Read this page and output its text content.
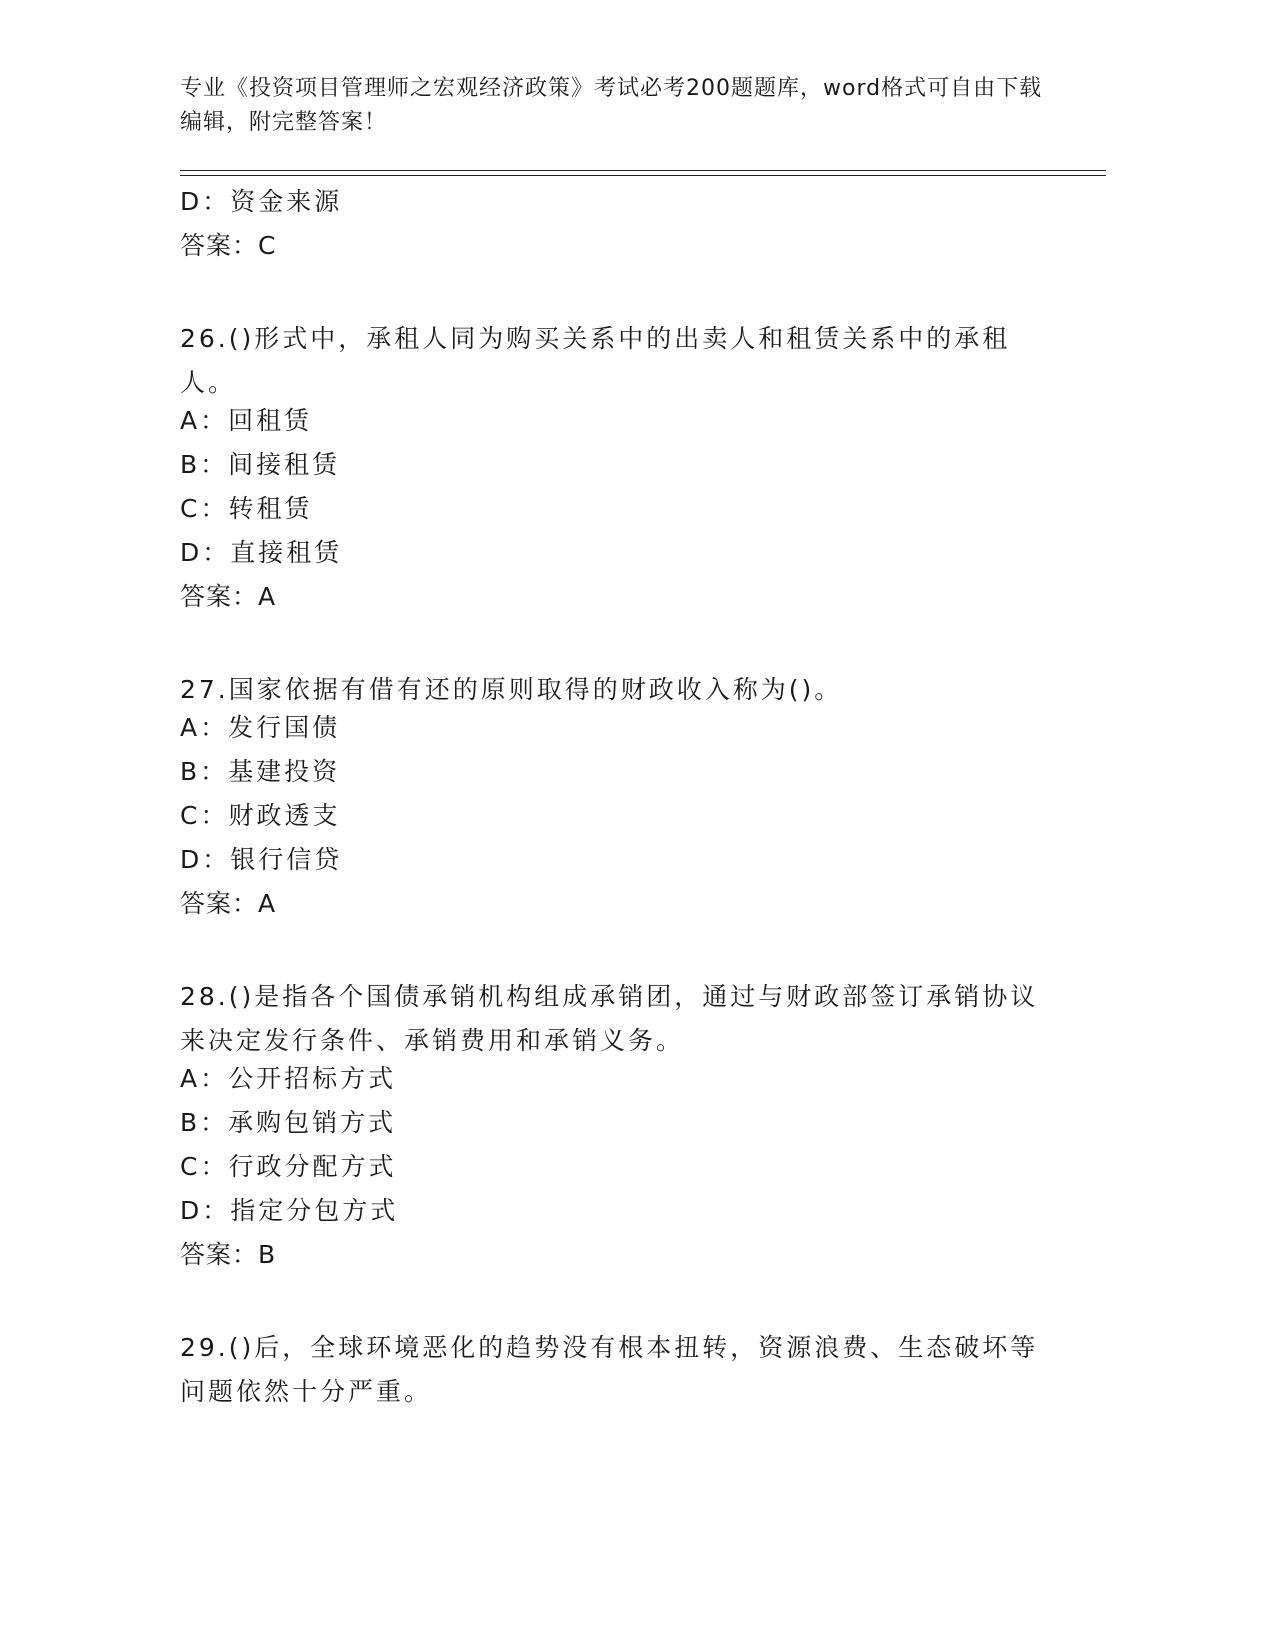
专业《投资项目管理师之宏观经济政策》考试必考200题题库，word格式可自由下载编辑，附完整答案！
D：资金来源
答案：C
26.()形式中，承租人同为购买关系中的出卖人和租赁关系中的承租人。
A：回租赁
B：间接租赁
C：转租赁
D：直接租赁
答案：A
27.国家依据有借有还的原则取得的财政收入称为()。
A：发行国债
B：基建投资
C：财政透支
D：银行信贷
答案：A
28.()是指各个国债承销机构组成承销团，通过与财政部签订承销协议来决定发行条件、承销费用和承销义务。
A：公开招标方式
B：承购包销方式
C：行政分配方式
D：指定分包方式
答案：B
29.()后，全球环境恶化的趋势没有根本扭转，资源浪费、生态破坏等问题依然十分严重。
